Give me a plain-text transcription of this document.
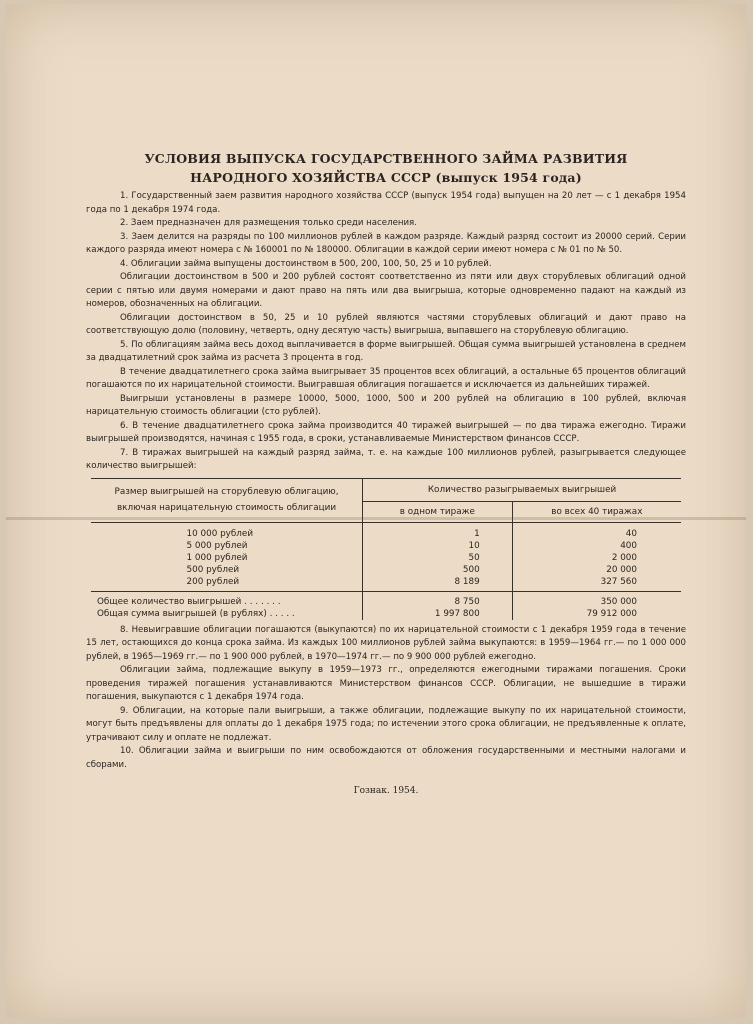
УСЛОВИЯ ВЫПУСКА ГОСУДАРСТВЕННОГО ЗАЙМА РАЗВИТИЯ
НАРОДНОГО ХОЗЯЙСТВА СССР (выпуск 1954 года)

1. Государственный заем развития народного хозяйства СССР (выпуск 1954 года) выпущен на 20 лет — с 1 декабря 1954 года по 1 декабря 1974 года.

2. Заем предназначен для размещения только среди населения.

3. Заем делится на разряды по 100 миллионов рублей в каждом разряде. Каждый разряд состоит из 20000 серий. Серии каждого разряда имеют номера с № 160001 по № 180000. Облигации в каждой серии имеют номера с № 01 по № 50.

4. Облигации займа выпущены достоинством в 500, 200, 100, 50, 25 и 10 рублей.

Облигации достоинством в 500 и 200 рублей состоят соответственно из пяти или двух сторублевых облигаций одной серии с пятью или двумя номерами и дают право на пять или два выигрыша, которые одновременно падают на каждый из номеров, обозначенных на облигации.

Облигации достоинством в 50, 25 и 10 рублей являются частями сторублевых облигаций и дают право на соответствующую долю (половину, четверть, одну десятую часть) выигрыша, выпавшего на сторублевую облигацию.

5. По облигациям займа весь доход выплачивается в форме выигрышей. Общая сумма выигрышей установлена в среднем за двадцатилетний срок займа из расчета 3 процента в год.

В течение двадцатилетнего срока займа выигрывает 35 процентов всех облигаций, а остальные 65 процентов облигаций погашаются по их нарицательной стоимости. Выигравшая облигация погашается и исключается из дальнейших тиражей.

Выигрыши установлены в размере 10000, 5000, 1000, 500 и 200 рублей на облигацию в 100 рублей, включая нарицательную стоимость облигации (сто рублей).

6. В течение двадцатилетнего срока займа производится 40 тиражей выигрышей — по два тиража ежегодно. Тиражи выигрышей производятся, начиная с 1955 года, в сроки, устанавливаемые Министерством финансов СССР.

7. В тиражах выигрышей на каждый разряд займа, т. е. на каждые 100 миллионов рублей, разыгрывается следующее количество выигрышей:

Размер выигрышей на сторублевую облигацию, включая нарицательную стоимость облигации	Количество разыгрываемых выигрышей	
	в одном тираже	во всех 40 тиражах
10 000 рублей	1	40
5 000 рублей	10	400
1 000 рублей	50	2 000
500 рублей	500	20 000
200 рублей	8 189	327 560
Общее количество выигрышей . . . . . . .	8 750	350 000
Общая сумма выигрышей (в рублях) . . . . .	1 997 800	79 912 000

8. Невыигравшие облигации погашаются (выкупаются) по их нарицательной стоимости с 1 декабря 1959 года в течение 15 лет, остающихся до конца срока займа. Из каждых 100 миллионов рублей займа выкупаются: в 1959—1964 гг.— по 1 000 000 рублей, в 1965—1969 гг.— по 1 900 000 рублей, в 1970—1974 гг.— по 9 900 000 рублей ежегодно.

Облигации займа, подлежащие выкупу в 1959—1973 гг., определяются ежегодными тиражами погашения. Сроки проведения тиражей погашения устанавливаются Министерством финансов СССР. Облигации, не вышедшие в тиражи погашения, выкупаются с 1 декабря 1974 года.

9. Облигации, на которые пали выигрыши, а также облигации, подлежащие выкупу по их нарицательной стоимости, могут быть предъявлены для оплаты до 1 декабря 1975 года; по истечении этого срока облигации, не предъявленные к оплате, утрачивают силу и оплате не подлежат.

10. Облигации займа и выигрыши по ним освобождаются от обложения государственными и местными налогами и сборами.

Гознак. 1954.
